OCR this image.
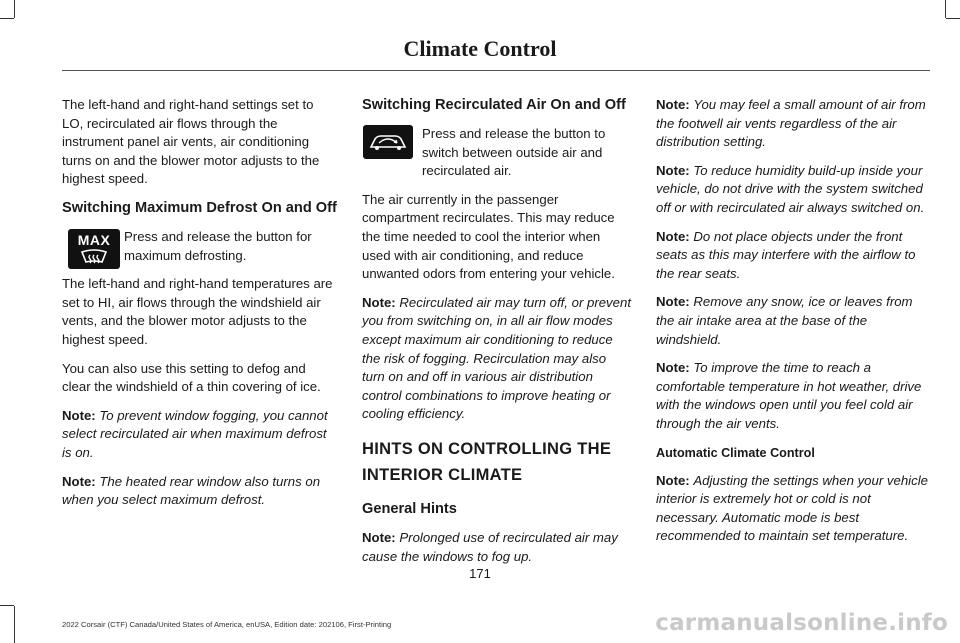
Climate Control

The left-hand and right-hand settings set to LO, recirculated air flows through the instrument panel air vents, air conditioning turns on and the blower motor adjusts to the highest speed.

Switching Maximum Defrost On and Off
Press and release the button for maximum defrosting.

The left-hand and right-hand temperatures are set to HI, air flows through the windshield air vents, and the blower motor adjusts to the highest speed.

You can also use this setting to defog and clear the windshield of a thin covering of ice.

Note: To prevent window fogging, you cannot select recirculated air when maximum defrost is on.

Note: The heated rear window also turns on when you select maximum defrost.

MAX
Switching Recirculated Air On and Off
Press and release the button to switch between outside air and recirculated air.

The air currently in the passenger compartment recirculates. This may reduce the time needed to cool the interior when used with air conditioning, and reduce unwanted odors from entering your vehicle.

Note: Recirculated air may turn off, or prevent you from switching on, in all air flow modes except maximum air conditioning to reduce the risk of fogging. Recirculation may also turn on and off in various air distribution control combinations to improve heating or cooling efficiency.

HINTS ON CONTROLLING THE
INTERIOR CLIMATE
General Hints

Note: Prolonged use of recirculated air may cause the windows to fog up.

Note: You may feel a small amount of air from the footwell air vents regardless of the air distribution setting.

Note: To reduce humidity build-up inside your vehicle, do not drive with the system switched off or with recirculated air always switched on.

Note: Do not place objects under the front seats as this may interfere with the airflow to the rear seats.

Note: Remove any snow, ice or leaves from the air intake area at the base of the windshield.

Note: To improve the time to reach a comfortable temperature in hot weather, drive with the windows open until you feel cold air through the air vents.

Automatic Climate Control

Note: Adjusting the settings when your vehicle interior is extremely hot or cold is not necessary. Automatic mode is best recommended to maintain set temperature.

171
2022 Corsair (CTF) Canada/United States of America, enUSA, Edition date: 202106, First-Printing	carmanualsonline.info
